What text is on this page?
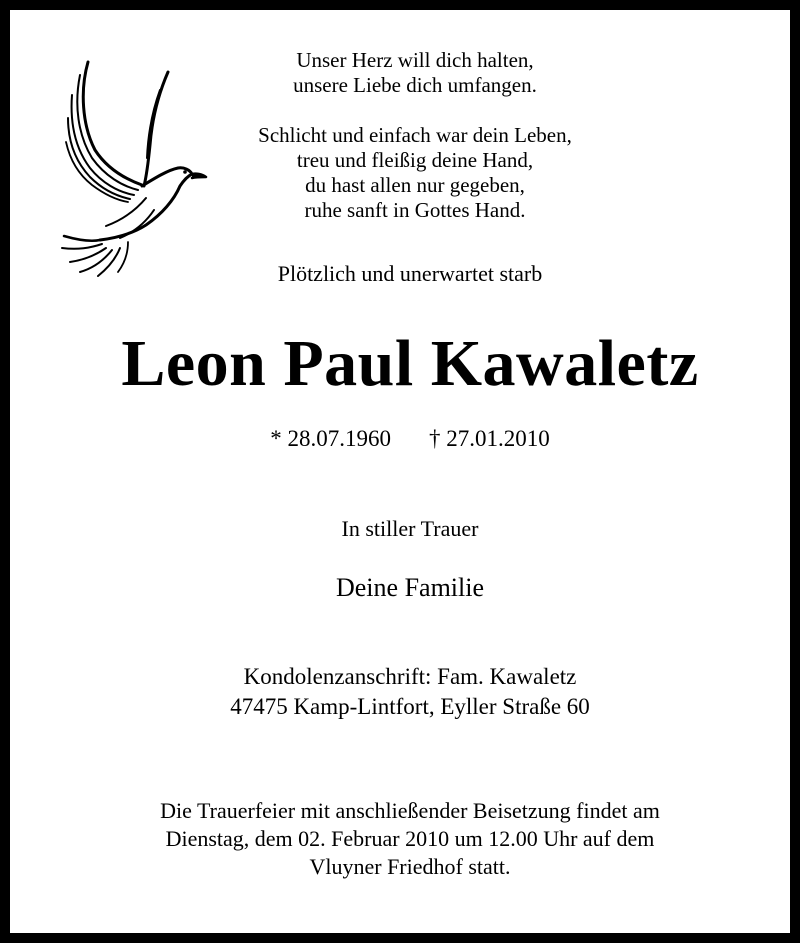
Unser Herz will dich halten,
unsere Liebe dich umfangen.
Schlicht und einfach war dein Leben,
treu und fleißig deine Hand,
du hast allen nur gegeben,
ruhe sanft in Gottes Hand.
Plötzlich und unerwartet starb
Leon Paul Kawaletz
* 28.07.1960 † 27.01.2010
In stiller Trauer
Deine Familie
Kondolenzanschrift: Fam. Kawaletz
47475 Kamp-Lintfort, Eyller Straße 60
Die Trauerfeier mit anschließender Beisetzung findet am
Dienstag, dem 02. Februar 2010 um 12.00 Uhr auf dem
Vluyner Friedhof statt.
